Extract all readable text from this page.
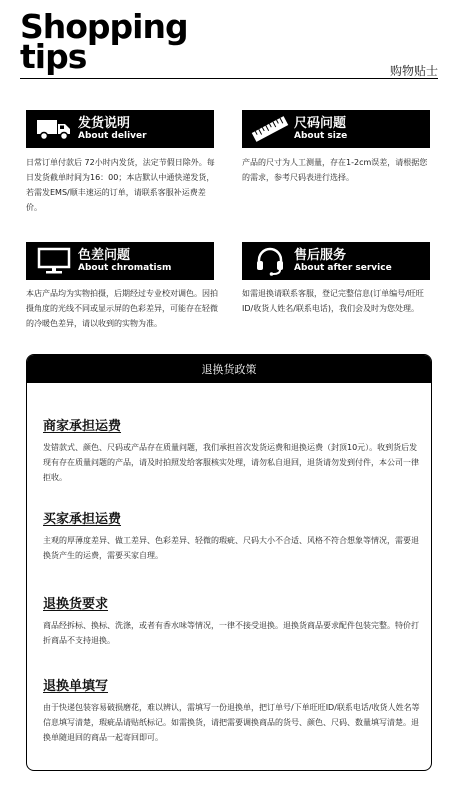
Shopping
tips	购物贴士
发货说明
About deliver
日常订单付款后 72小时内发货，法定节假日除外。每日发货截单时间为16：00；本店默认中通快递发货，若需发EMS/顺丰速运的订单，请联系客服补运费差价。
尺码问题
About size
产品的尺寸为人工测量，存在1-2cm误差，请根据您的需求，参考尺码表进行选择。
色差问题
About chromatism
本店产品均为实物拍摄，后期经过专业校对调色。因拍摄角度的光线不同或显示屏的色彩差异，可能存在轻微的冷暖色差异，请以收到的实物为准。
售后服务
About after service
如需退换请联系客服，登记完整信息(订单编号/旺旺ID/收货人姓名/联系电话)，我们会及时为您处理。
退换货政策
商家承担运费
发错款式、颜色、尺码或产品存在质量问题，我们承担首次发货运费和退换运费（封顶10元）。收到货后发现有存在质量问题的产品，请及时拍照发给客服核实处理，请勿私自退回，退货请勿发到付件，本公司一律拒收。
买家承担运费
主观的厚薄度差异、做工差异、色彩差异、轻微的瑕疵、尺码大小不合适、风格不符合想象等情况，需要退换货产生的运费，需要买家自理。
退换货要求
商品经拆标、换标、洗涤，或者有香水味等情况，一律不接受退换。退换货商品要求配件包装完整。特价打折商品不支持退换。
退换单填写
由于快递包装容易破损磨花，难以辨认，需填写一份退换单，把订单号/下单旺旺ID/联系电话/收货人姓名等信息填写清楚，瑕疵品请贴纸标记。如需换货，请把需要调换商品的货号、颜色、尺码、数量填写清楚。退换单随退回的商品一起寄回即可。
